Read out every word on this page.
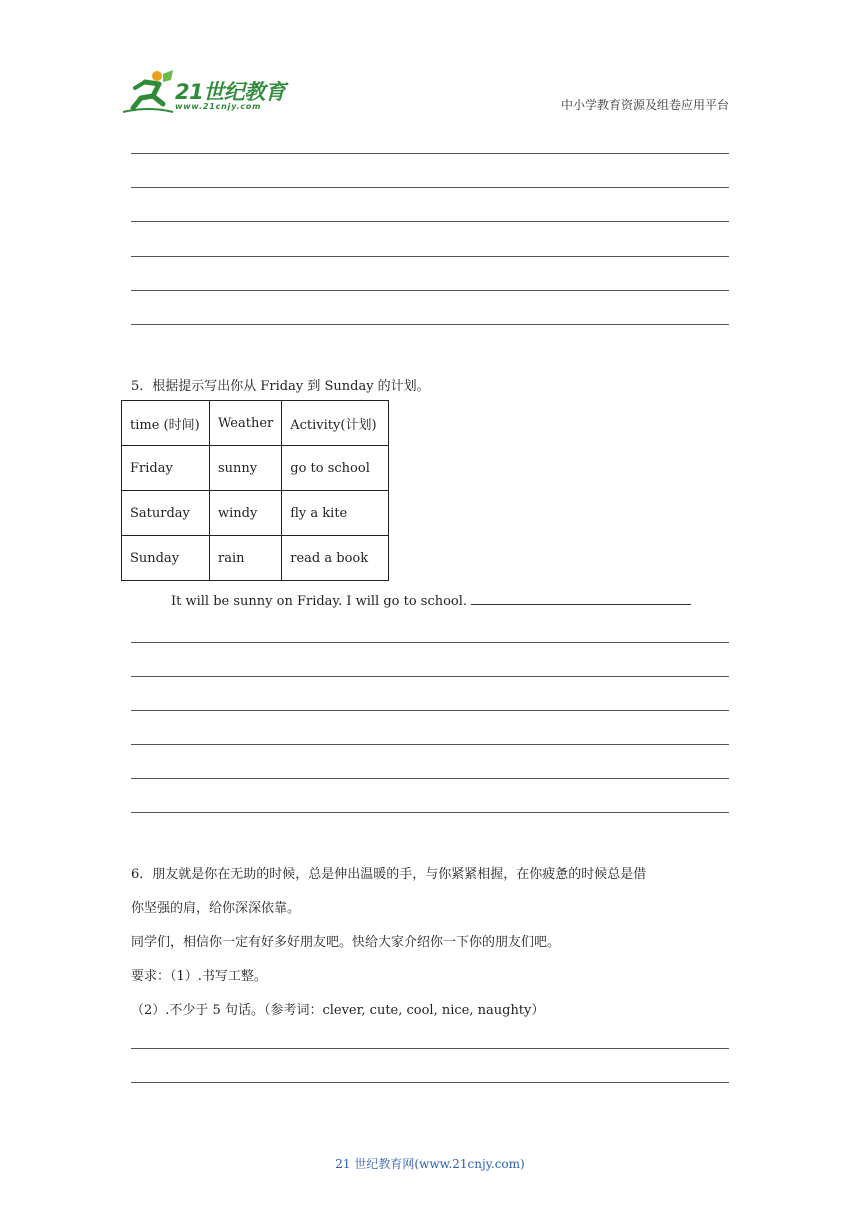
21世纪教育
www.21cnjy.com	中小学教育资源及组卷应用平台
5．根据提示写出你从 Friday 到 Sunday 的计划。
time (时间)	Weather	Activity(计划)
Friday	sunny	go to school
Saturday	windy	fly a kite
Sunday	rain	read a book
It will be sunny on Friday. I will go to school.
6．朋友就是你在无助的时候，总是伸出温暖的手，与你紧紧相握，在你疲惫的时候总是借
你坚强的肩，给你深深依靠。
同学们，相信你一定有好多好朋友吧。快给大家介绍你一下你的朋友们吧。
要求：（1）.书写工整。
（2）.不少于 5 句话。（参考词：clever, cute, cool, nice, naughty）
21 世纪教育网(www.21cnjy.com)
